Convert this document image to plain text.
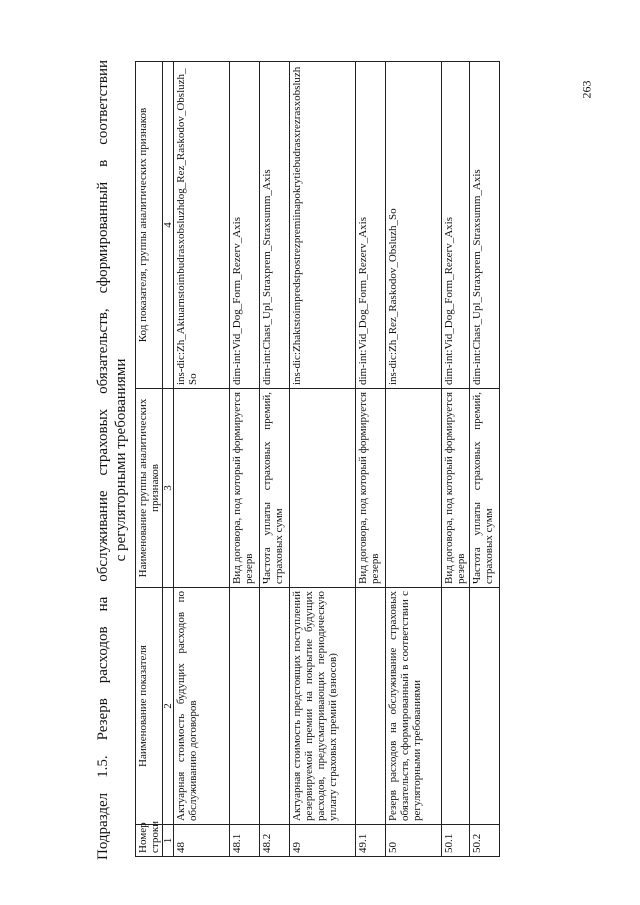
263
Подраздел 1.5. Резерв расходов на обслуживание страховых обязательств, сформированный в соответствии с регуляторными требованиями
Номер строки	Наименование показателя	Наименование группы аналитических признаков	Код показателя, группы аналитических признаков
1	2	3	4
48	Актуарная стоимость будущих расходов по обслуживанию договоров		ins-dic:Zh_Aktuarnstoimbudrasxobsluzhdog_Rez_Raskodov_Obsluzh_So
48.1		Вид договора, под который формируется резерв	dim-int:Vid_Dog_Form_Rezerv_Axis
48.2		Частота уплаты страховых премий, страховых сумм	dim-int:Chast_Upl_Straxprem_Straxsumm_Axis
49	Актуарная стоимость предстоящих поступлений резервируемой премии на покрытие будущих расходов, предусматривающих периодическую уплату страховых премий (взносов)		ins-dic:Zhaktstoimpredstpostrezpremiinapokrytiebudrasxrezrasxobsluzh
49.1		Вид договора, под который формируется резерв	dim-int:Vid_Dog_Form_Rezerv_Axis
50	Резерв расходов на обслуживание страховых обязательств, сформированный в соответствии с регуляторными требованиями		ins-dic:Zh_Rez_Raskodov_Obsluzh_So
50.1		Вид договора, под который формируется резерв	dim-int:Vid_Dog_Form_Rezerv_Axis
50.2		Частота уплаты страховых премий, страховых сумм	dim-int:Chast_Upl_Straxprem_Straxsumm_Axis
